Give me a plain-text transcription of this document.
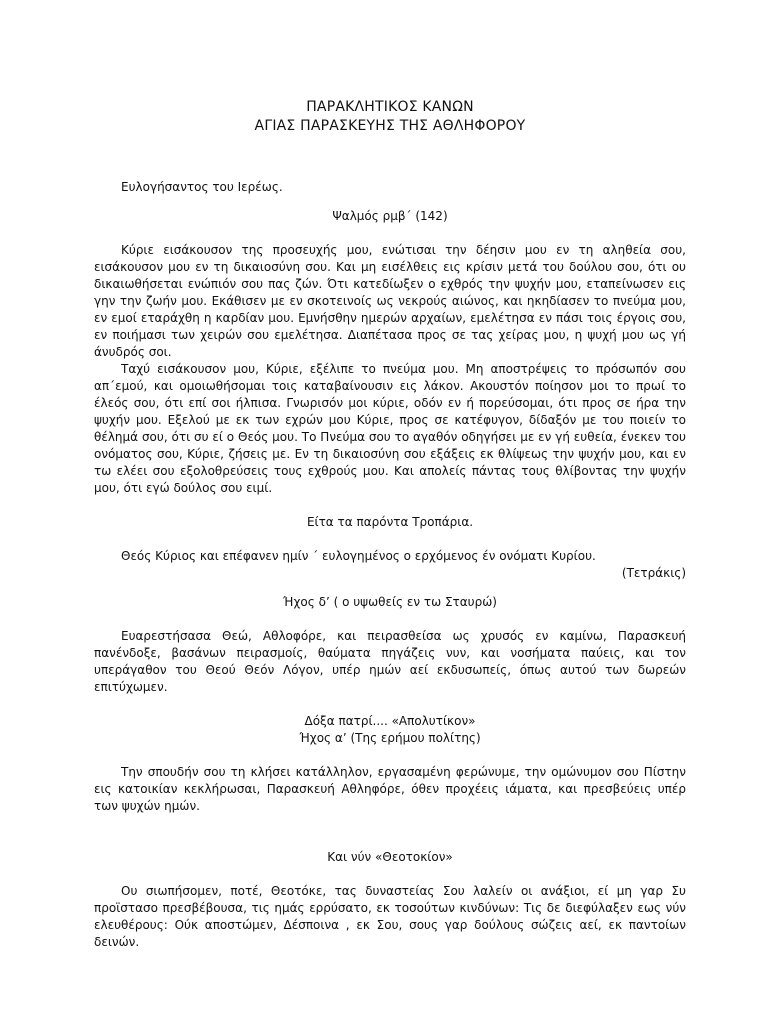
ΠΑΡΑΚΛΗΤΙΚΟΣ ΚΑΝΩΝ

ΑΓΙΑΣ ΠΑΡΑΣΚΕΥΗΣ ΤΗΣ ΑΘΛΗΦΟΡΟΥ

Ευλογήσαντος του Ιερέως.

Ψαλμός ρμβ΄ (142)

Κύριε εισάκουσον της προσευχής μου, ενώτισαι την δέησιν μου εν τη αληθεία σου, εισάκουσον μου εν τη δικαιοσύνη σου. Και μη εισέλθεις εις κρίσιν μετά του δούλου σου, ότι ου δικαιωθήσεται ενώπιόν σου πας ζών. Ότι κατεδίωξεν ο εχθρός την ψυχήν μου, εταπείνωσεν εις γην την ζωήν μου. Εκάθισεν με εν σκοτεινοίς ως νεκρούς αιώνος, και ηκηδίασεν το πνεύμα μου, εν εμοί εταράχθη η καρδίαν μου. Εμνήσθην ημερών αρχαίων, εμελέτησα εν πάσι τοις έργοις σου, εν ποιήμασι των χειρών σου εμελέτησα. Διαπέτασα προς σε τας χείρας μου, η ψυχή μου ως γή άνυδρός σοι.

Ταχύ εισάκουσον μου, Κύριε, εξέλιπε το πνεύμα μου. Μη αποστρέψεις το πρόσωπόν σου απ΄εμού, και ομοιωθήσομαι τοις καταβαίνουσιν εις λάκον. Ακουστόν ποίησον μοι το πρωί το έλεός σου, ότι επί σοι ήλπισα. Γνωρισόν μοι κύριε, οδόν εν ή πορεύσομαι, ότι προς σε ήρα την ψυχήν μου. Εξελού με εκ των εχρών μου Κύριε, προς σε κατέφυγον, δίδαξόν με του ποιείν το θέλημά σου, ότι συ εί ο Θεός μου. Το Πνεύμα σου το αγαθόν οδηγήσει με εν γή ευθεία, ένεκεν του ονόματος σου, Κύριε, ζήσεις με. Εν τη δικαιοσύνη σου εξάξεις εκ θλίψεως την ψυχήν μου, και εν τω ελέει σου εξολοθρεύσεις τους εχθρούς μου. Και απολείς πάντας τους θλίβοντας την ψυχήν μου, ότι εγώ δούλος σου ειμί.

Είτα τα παρόντα Τροπάρια.

Θεός Κύριος και επέφανεν ημίν ΄ ευλογημένος ο ερχόμενος έν ονόματι Κυρίου.

(Τετράκις)

Ήχος δ’ ( ο υψωθείς εν τω Σταυρώ)

Ευαρεστήσασα Θεώ, Αθλοφόρε, και πειρασθείσα ως χρυσός εν καμίνω, Παρασκευή πανένδοξε, βασάνων πειρασμοίς, θαύματα πηγάζεις νυν, και νοσήματα παύεις, και τον υπεράγαθον του Θεού Θεόν Λόγον, υπέρ ημών αεί εκδυσωπείς, όπως αυτού των δωρεών επιτύχωμεν.

Δόξα πατρί.... «Απολυτίκον»

Ήχος α’ (Της ερήμου πολίτης)

Την σπουδήν σου τη κλήσει κατάλληλον, εργασαμένη φερώνυμε, την ομώνυμον σου Πίστην εις κατοικίαν κεκλήρωσαι, Παρασκευή Αθληφόρε, όθεν προχέεις ιάματα, και πρεσβεύεις υπέρ των ψυχών ημών.

Και νύν «Θεοτοκίον»

Ου σιωπήσομεν, ποτέ, Θεοτόκε, τας δυναστείας Σου λαλείν οι ανάξιοι, εί μη γαρ Συ προϊστασο πρεσβέβουσα, τις ημάς ερρύσατο, εκ τοσούτων κινδύνων: Τις δε διεφύλαξεν εως νύν ελευθέρους: Ούκ αποστώμεν, Δέσποινα , εκ Σου, σους γαρ δούλους σώζεις αεί, εκ παντοίων δεινών.
